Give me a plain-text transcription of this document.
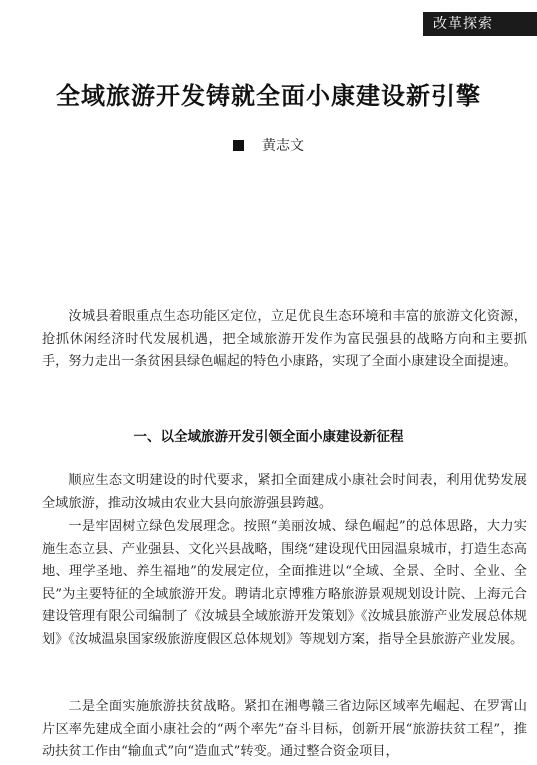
改革探索
全域旅游开发铸就全面小康建设新引擎
黄志文

汝城县着眼重点生态功能区定位，立足优良生态环境和丰富的旅游文化资源，抢抓休闲经济时代发展机遇，把全域旅游开发作为富民强县的战略方向和主要抓手，努力走出一条贫困县绿色崛起的特色小康路，实现了全面小康建设全面提速。

一、以全域旅游开发引领全面小康建设新征程

顺应生态文明建设的时代要求，紧扣全面建成小康社会时间表，利用优势发展全域旅游，推动汝城由农业大县向旅游强县跨越。

一是牢固树立绿色发展理念。按照“美丽汝城、绿色崛起”的总体思路，大力实施生态立县、产业强县、文化兴县战略，围绕“建设现代田园温泉城市，打造生态高地、理学圣地、养生福地”的发展定位，全面推进以“全域、全景、全时、全业、全民”为主要特征的全域旅游开发。聘请北京博雅方略旅游景观规划设计院、上海元合建设管理有限公司编制了《汝城县全域旅游开发策划》《汝城县旅游产业发展总体规划》《汝城温泉国家级旅游度假区总体规划》等规划方案，指导全县旅游产业发展。

二是全面实施旅游扶贫战略。紧扣在湘粤赣三省边际区域率先崛起、在罗霄山片区率先建成全面小康社会的“两个率先”奋斗目标，创新开展“旅游扶贫工程”，推动扶贫工作由“输血式”向“造血式”转变。通过整合资金项目，
